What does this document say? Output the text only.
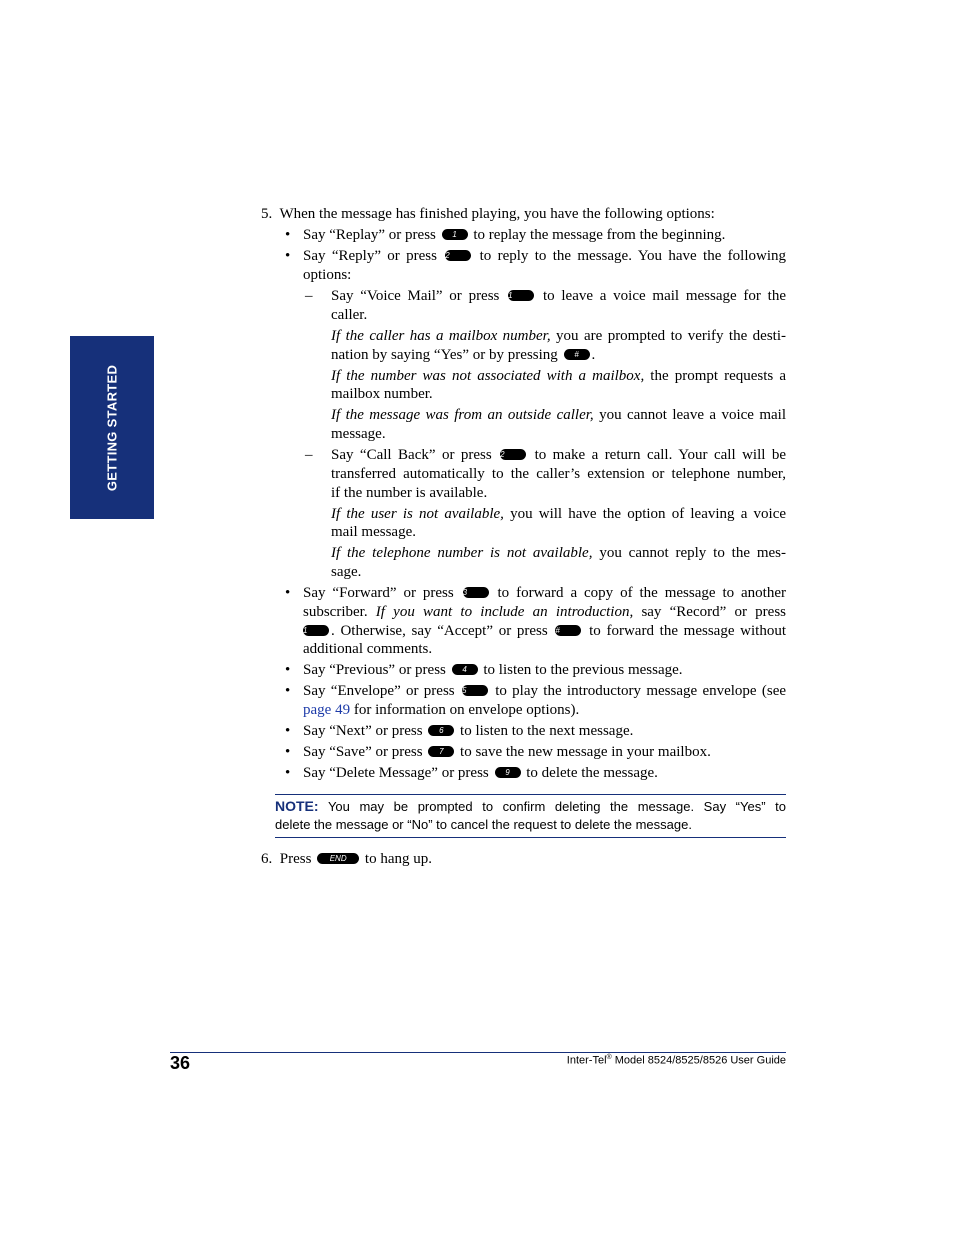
GETTING STARTED
5. When the message has finished playing, you have the following options:
• Say “Replay” or press 1 to replay the message from the beginning.
• Say “Reply” or press 2 to reply to the message. You have the following
options:
– Say “Voice Mail” or press 1 to leave a voice mail message for the
caller.
If the caller has a mailbox number, you are prompted to verify the desti-
nation by saying “Yes” or by pressing # .
If the number was not associated with a mailbox, the prompt requests a
mailbox number.
If the message was from an outside caller, you cannot leave a voice mail
message.
– Say “Call Back” or press 2 to make a return call. Your call will be
transferred automatically to the caller’s extension or telephone number,
if the number is available.
If the user is not available, you will have the option of leaving a voice
mail message.
If the telephone number is not available, you cannot reply to the mes-
sage.
• Say “Forward” or press 3 to forward a copy of the message to another
subscriber. If you want to include an introduction, say “Record” or press
1 . Otherwise, say “Accept” or press # to forward the message without
additional comments.
• Say “Previous” or press 4 to listen to the previous message.
• Say “Envelope” or press 5 to play the introductory message envelope (see
page 49 for information on envelope options).
• Say “Next” or press 6 to listen to the next message.
• Say “Save” or press 7 to save the new message in your mailbox.
• Say “Delete Message” or press 9 to delete the message.
NOTE: You may be prompted to confirm deleting the message. Say “Yes” to
delete the message or “No” to cancel the request to delete the message.
6. Press END to hang up.
36	Inter-Tel® Model 8524/8525/8526 User Guide
